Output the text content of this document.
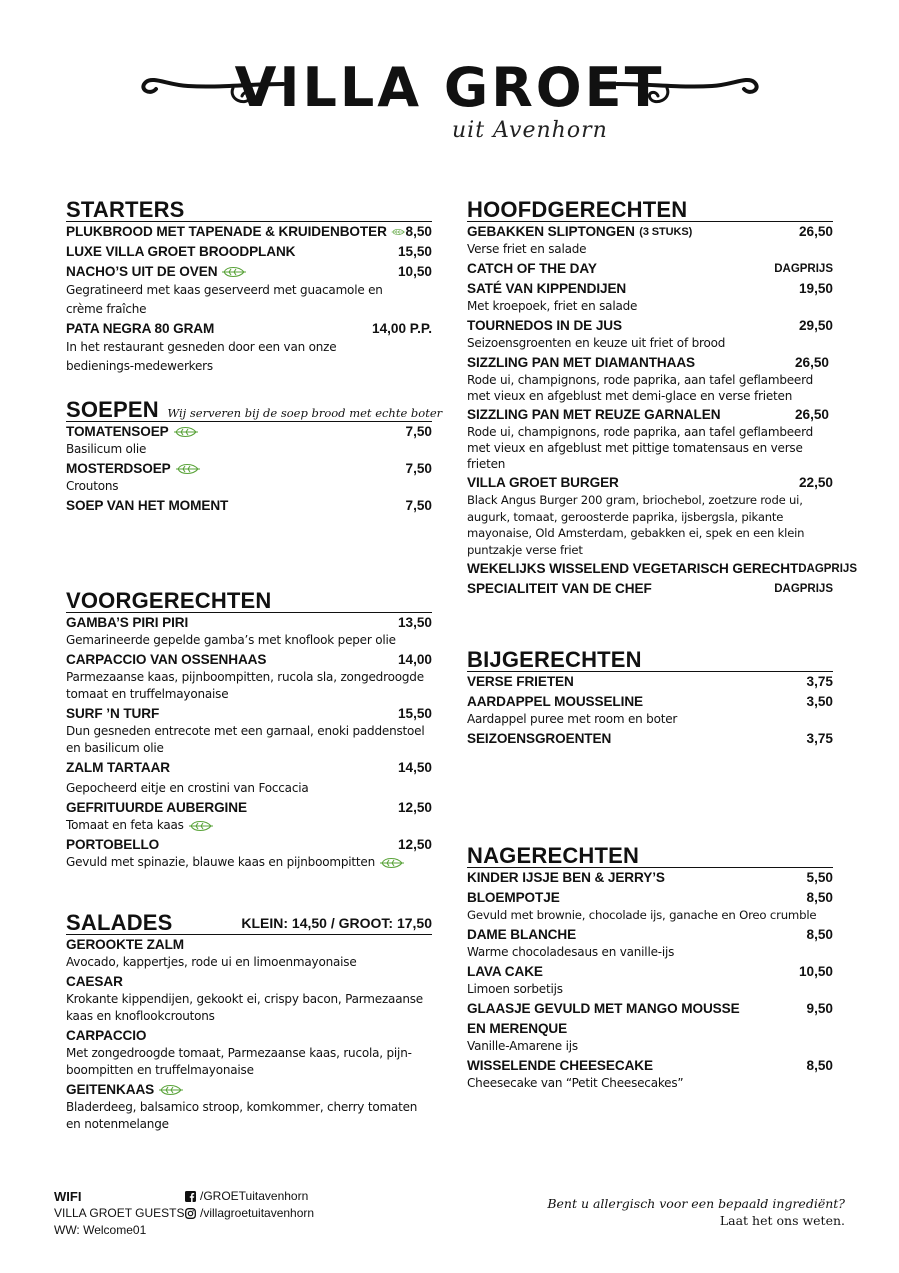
VILLA GROET
uit Avenhorn
STARTERS
PLUKBROOD MET TAPENADE & KRUIDENBOTER 8,50
LUXE VILLA GROET BROODPLANK	15,50
NACHO’S UIT DE OVEN	10,50
Gegratineerd met kaas geserveerd met guacamole en crème fraîche
PATA NEGRA 80 GRAM	14,00 P.P.
In het restaurant gesneden door een van onze bedienings-medewerkers
SOEPEN Wij serveren bij de soep brood met echte boter
TOMATENSOEP	7,50
Basilicum olie
MOSTERDSOEP	7,50
Croutons
SOEP VAN HET MOMENT	7,50
VOORGERECHTEN
GAMBA’S PIRI PIRI	13,50
Gemarineerde gepelde gamba’s met knoflook peper olie
CARPACCIO VAN OSSENHAAS	14,00
Parmezaanse kaas, pijnboompitten, rucola sla, zongedroogde tomaat en truffelmayonaise
SURF ’N TURF	15,50
Dun gesneden entrecote met een garnaal, enoki paddenstoel en basilicum olie
ZALM TARTAAR	14,50
Gepocheerd eitje en crostini van Foccacia
GEFRITUURDE AUBERGINE	12,50
Tomaat en feta kaas
PORTOBELLO	12,50
Gevuld met spinazie, blauwe kaas en pijnboompitten
SALADES	KLEIN: 14,50 / GROOT: 17,50
GEROOKTE ZALM
Avocado, kappertjes, rode ui en limoenmayonaise
CAESAR
Krokante kippendijen, gekookt ei, crispy bacon, Parmezaanse kaas en knoflookcroutons
CARPACCIO
Met zongedroogde tomaat, Parmezaanse kaas, rucola, pijn-boompitten en truffelmayonaise
GEITENKAAS
Bladerdeeg, balsamico stroop, komkommer, cherry tomaten en notenmelange
HOOFDGERECHTEN
GEBAKKEN SLIPTONGEN
(3 STUKS)	26,50
Verse friet en salade
CATCH OF THE DAY	DAGPRIJS
SATÉ VAN KIPPENDIJEN	19,50
Met kroepoek, friet en salade
TOURNEDOS IN DE JUS	29,50
Seizoensgroenten en keuze uit friet of brood
SIZZLING PAN MET DIAMANTHAAS	26,50
Rode ui, champignons, rode paprika, aan tafel geflambeerd met vieux en afgeblust met demi-glace en verse frieten
SIZZLING PAN MET REUZE GARNALEN	26,50
Rode ui, champignons, rode paprika, aan tafel geflambeerd met vieux en afgeblust met pittige tomatensaus en verse frieten
VILLA GROET BURGER	22,50
Black Angus Burger 200 gram, briochebol, zoetzure rode ui, augurk, tomaat, geroosterde paprika, ijsbergsla, pikante mayonaise, Old Amsterdam, gebakken ei, spek en een klein puntzakje verse friet
WEKELIJKS WISSELEND VEGETARISCH GERECHT DAGPRIJS
SPECIALITEIT VAN DE CHEF	DAGPRIJS
BIJGERECHTEN
VERSE FRIETEN	3,75
AARDAPPEL MOUSSELINE	3,50
Aardappel puree met room en boter
SEIZOENSGROENTEN	3,75
NAGERECHTEN
KINDER IJSJE BEN & JERRY’S	5,50
BLOEMPOTJE	8,50
Gevuld met brownie, chocolade ijs, ganache en Oreo crumble
DAME BLANCHE	8,50
Warme chocoladesaus en vanille-ijs
LAVA CAKE	10,50
Limoen sorbetijs
GLAASJE GEVULD MET MANGO MOUSSE	9,50
EN MERENQUE
Vanille-Amarene ijs
WISSELENDE CHEESECAKE	8,50
Cheesecake van “Petit Cheesecakes”
WIFI
VILLA GROET GUESTS
WW: Welcome01
/GROETuitavenhorn
/villagroetuitavenhorn
Bent u allergisch voor een bepaald ingrediënt?
Laat het ons weten.
